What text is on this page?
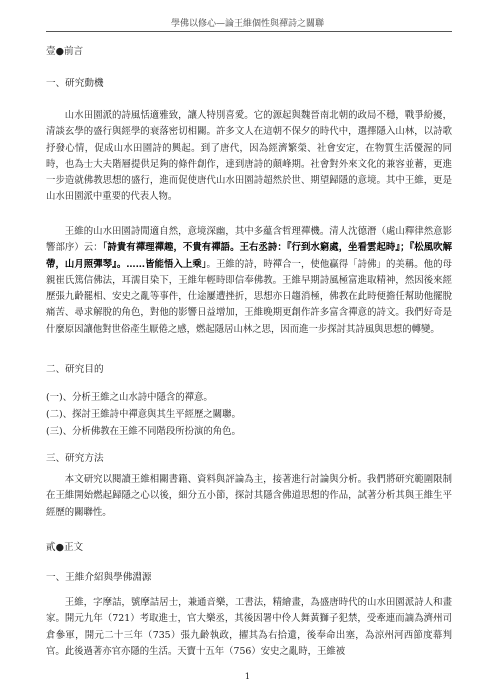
學佛以修心—論王維個性與禪詩之關聯
壹●前言
一、研究動機
山水田園派的詩風恬適雅致，讓人特別喜愛。它的源起與魏晉南北朝的政局不穩，戰爭紛擾，清談玄學的盛行與經學的衰落密切相關。許多文人在這朝不保夕的時代中，選擇隱入山林，以詩歌抒發心情，促成山水田園詩的興起。到了唐代，因為經濟繁榮、社會安定，在物質生活優渥的同時，也為士大夫階層提供足夠的條件創作，達到唐詩的顛峰期。社會對外來文化的兼容並蓄，更進一步造就佛教思想的盛行，進而促使唐代山水田園詩超然於世、期望歸隱的意境。其中王維，更是山水田園派中重要的代表人物。
王維的山水田園詩閒適自然，意境深幽，其中多蘊含哲理禪機。清人沈德潛（處山釋律然意影響部序）云：「詩貴有禪理禪趣，不貴有禪語。王右丞詩：『行到水窮處，坐看雲起時』；『松風吹解帶，山月照彈琴』。……皆能悟入上乘」。王維的詩，時禪合一，使他贏得「詩佛」的美稱。他的母親崔氏篤信佛法，耳濡目染下，王維年輕時即信奉佛教。王維早期詩風極富進取精神，然因後來經歷張九齡罷相、安史之亂等事件，仕途屢遭挫折，思想亦日趨消極，佛教在此時便擔任幫助他擺脫痛苦、尋求解脫的角色，對他的影響日益增加，王維晚期更創作許多富含禪意的詩文。我們好奇是什麼原因讓他對世俗產生厭倦之感，燃起隱居山林之思，因而進一步探討其詩風與思想的轉變。
二、研究目的
(一)、分析王維之山水詩中隱含的禪意。
(二)、探討王維詩中禪意與其生平經歷之關聯。
(三)、分析佛教在王維不同階段所扮演的角色。
三、研究方法
本文研究以閱讀王維相關書籍、資料與評論為主，接著進行討論與分析。我們將研究範圍限制在王維開始燃起歸隱之心以後，細分五小節，探討其隱含佛道思想的作品，試著分析其與王維生平經歷的關聯性。
貳●正文
一、王維介紹與學佛淵源
王維，字摩詰，號摩詰居士，兼通音樂，工書法，精繪畫，為盛唐時代的山水田園派詩人和畫家。開元九年（721）考取進士，官大樂丞，其後因署中伶人舞黃獅子犯禁，受牽連而謫為濟州司倉參軍，開元二十三年（735）張九齡執政，擢其為右拾遺，後奉命出塞，為涼州河西節度幕判官。此後過著亦官亦隱的生活。天寶十五年（756）安史之亂時，王維被
1
